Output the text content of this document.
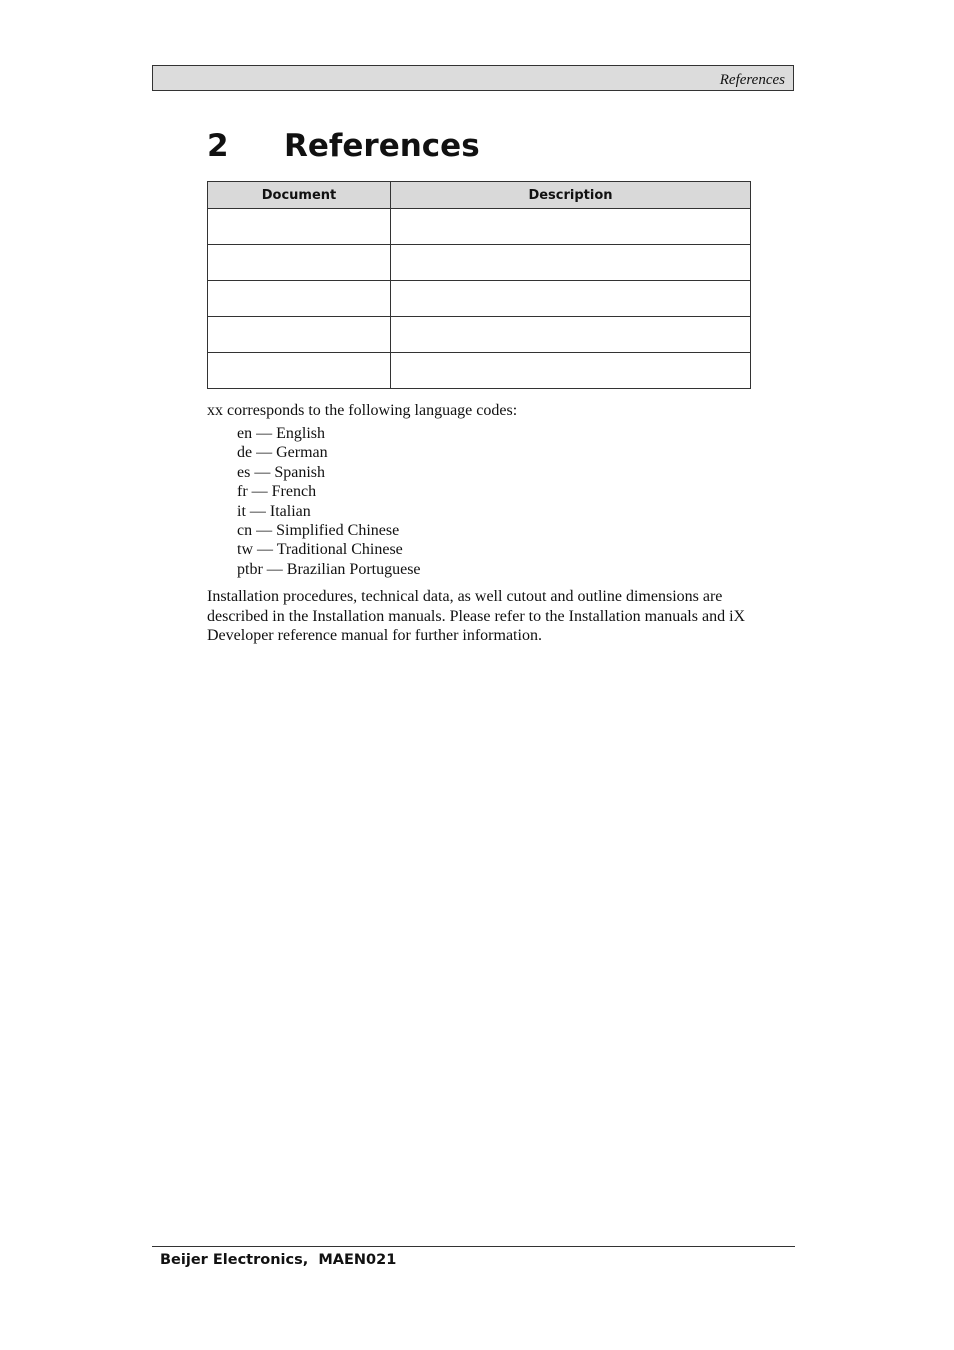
References
2 References
Document	Description

xx corresponds to the following language codes:
en — English
de — German
es — Spanish
fr — French
it — Italian
cn — Simplified Chinese
tw — Traditional Chinese
ptbr — Brazilian Portuguese

Installation procedures, technical data, as well cutout and outline dimensions are described in the Installation manuals. Please refer to the Installation manuals and iX Developer reference manual for further information.

Beijer Electronics,  MAEN021
